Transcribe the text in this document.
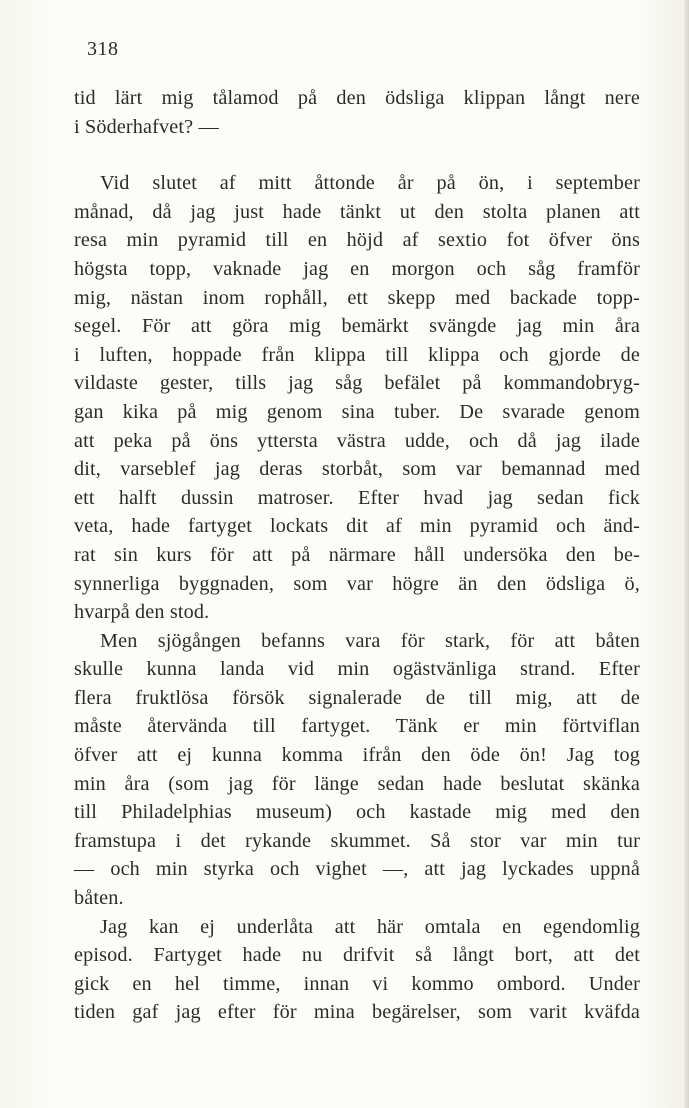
318
tid lärt mig tålamod på den ödsliga klippan långt nere
i Söderhafvet? —
Vid slutet af mitt åttonde år på ön, i september
månad, då jag just hade tänkt ut den stolta planen att
resa min pyramid till en höjd af sextio fot öfver öns
högsta topp, vaknade jag en morgon och såg framför
mig, nästan inom rophåll, ett skepp med backade topp-
segel. För att göra mig bemärkt svängde jag min åra
i luften, hoppade från klippa till klippa och gjorde de
vildaste gester, tills jag såg befälet på kommandobryg-
gan kika på mig genom sina tuber. De svarade genom
att peka på öns yttersta västra udde, och då jag ilade
dit, varseblef jag deras storbåt, som var bemannad med
ett halft dussin matroser. Efter hvad jag sedan fick
veta, hade fartyget lockats dit af min pyramid och änd-
rat sin kurs för att på närmare håll undersöka den be-
synnerliga byggnaden, som var högre än den ödsliga ö,
hvarpå den stod.
Men sjögången befanns vara för stark, för att båten
skulle kunna landa vid min ogästvänliga strand. Efter
flera fruktlösa försök signalerade de till mig, att de
måste återvända till fartyget. Tänk er min förtviflan
öfver att ej kunna komma ifrån den öde ön! Jag tog
min åra (som jag för länge sedan hade beslutat skänka
till Philadelphias museum) och kastade mig med den
framstupa i det rykande skummet. Så stor var min tur
— och min styrka och vighet —, att jag lyckades uppnå
båten.
Jag kan ej underlåta att här omtala en egendomlig
episod. Fartyget hade nu drifvit så långt bort, att det
gick en hel timme, innan vi kommo ombord. Under
tiden gaf jag efter för mina begärelser, som varit kväfda
